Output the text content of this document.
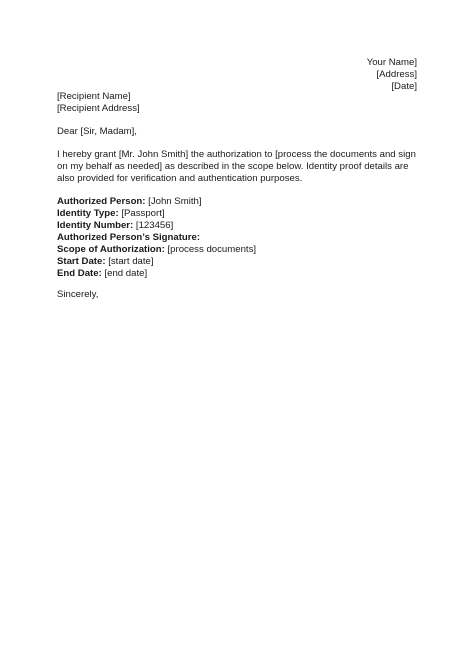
Your Name]
[Address]
[Date]
[Recipient Name]
[Recipient Address]
Dear [Sir, Madam],
I hereby grant [Mr. John Smith] the authorization to [process the documents and sign on my behalf as needed] as described in the scope below. Identity proof details are also provided for verification and authentication purposes.
Authorized Person: [John Smith]
Identity Type: [Passport]
Identity Number: [123456]
Authorized Person’s Signature:
Scope of Authorization: [process documents]
Start Date: [start date]
End Date: [end date]
Sincerely,
